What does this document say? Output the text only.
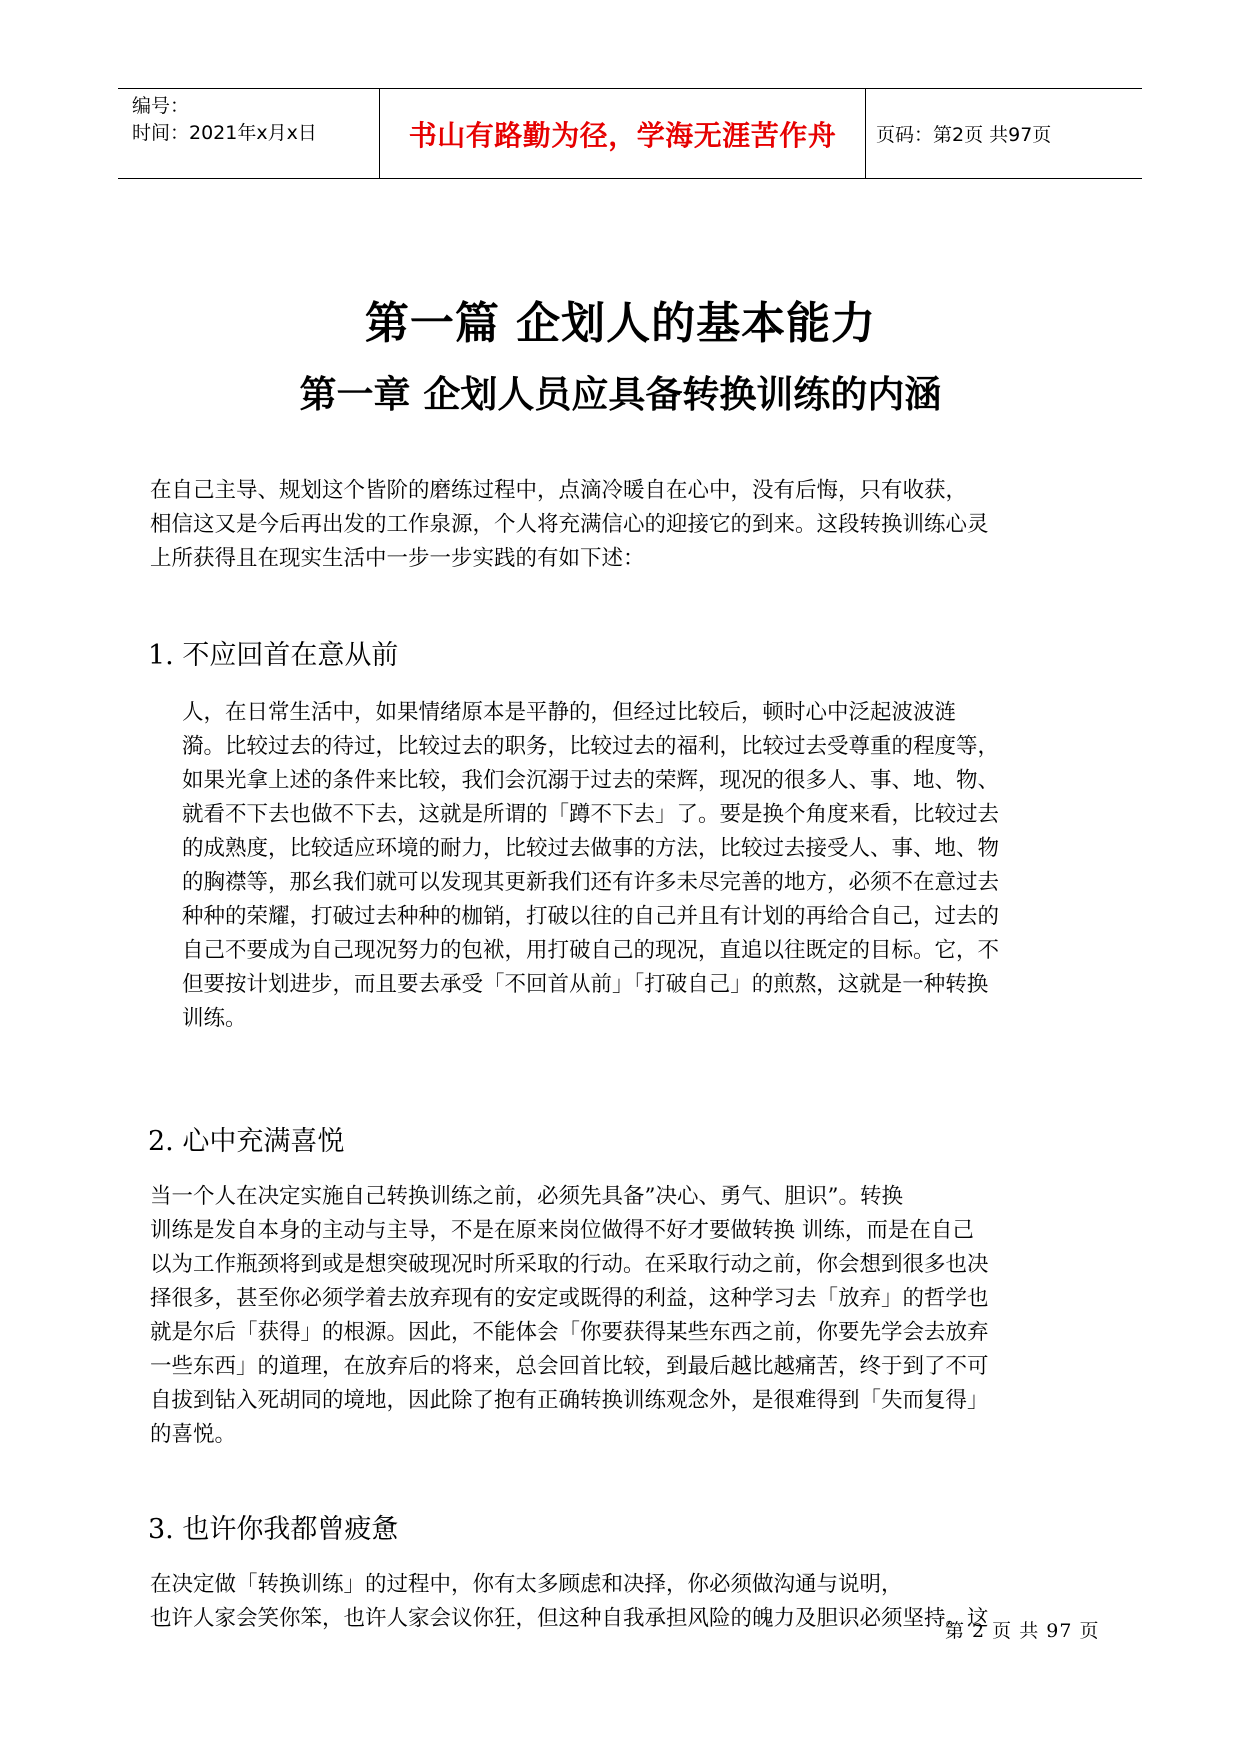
编号：
时间：2021年x月x日	书山有路勤为径，学海无涯苦作舟 页码：第2页 共97页
第一篇 企划人的基本能力
第一章 企划人员应具备转换训练的内涵

在自己主导、规划这个皆阶的磨练过程中，点滴冷暖自在心中，没有后悔，只有收获，
相信这又是今后再出发的工作泉源，个人将充满信心的迎接它的到来。这段转换训练心灵
上所获得且在现实生活中一步一步实践的有如下述：

1. 不应回首在意从前

人，在日常生活中，如果情绪原本是平静的，但经过比较后，顿时心中泛起波波涟
漪。比较过去的待过，比较过去的职务，比较过去的福利，比较过去受尊重的程度等，
如果光拿上述的条件来比较，我们会沉溺于过去的荣辉，现况的很多人、事、地、物、
就看不下去也做不下去，这就是所谓的「蹲不下去」了。要是换个角度来看，比较过去
的成熟度，比较适应环境的耐力，比较过去做事的方法，比较过去接受人、事、地、物
的胸襟等，那幺我们就可以发现其更新我们还有许多未尽完善的地方，必须不在意过去
种种的荣耀，打破过去种种的枷销，打破以往的自己并且有计划的再给合自己，过去的
自己不要成为自己现况努力的包袱，用打破自己的现况，直追以往既定的目标。它，不
但要按计划进步，而且要去承受「不回首从前」「打破自己」的煎熬，这就是一种转换
训练。

2. 心中充满喜悦

当一个人在决定实施自己转换训练之前，必须先具备”决心、勇气、胆识”。转换
训练是发自本身的主动与主导，不是在原来岗位做得不好才要做转换 训练，而是在自己
以为工作瓶颈将到或是想突破现况时所采取的行动。在采取行动之前，你会想到很多也决
择很多，甚至你必须学着去放弃现有的安定或既得的利益，这种学习去「放弃」的哲学也
就是尔后「获得」的根源。因此，不能体会「你要获得某些东西之前，你要先学会去放弃
一些东西」的道理，在放弃后的将来，总会回首比较，到最后越比越痛苦，终于到了不可
自拔到钻入死胡同的境地，因此除了抱有正确转换训练观念外，是很难得到「失而复得」
的喜悦。

3. 也许你我都曾疲惫

在决定做「转换训练」的过程中，你有太多顾虑和决择，你必须做沟通与说明，
也许人家会笑你笨，也许人家会议你狂，但这种自我承担风险的魄力及胆识必须坚持。这

第 2 页 共 97 页
